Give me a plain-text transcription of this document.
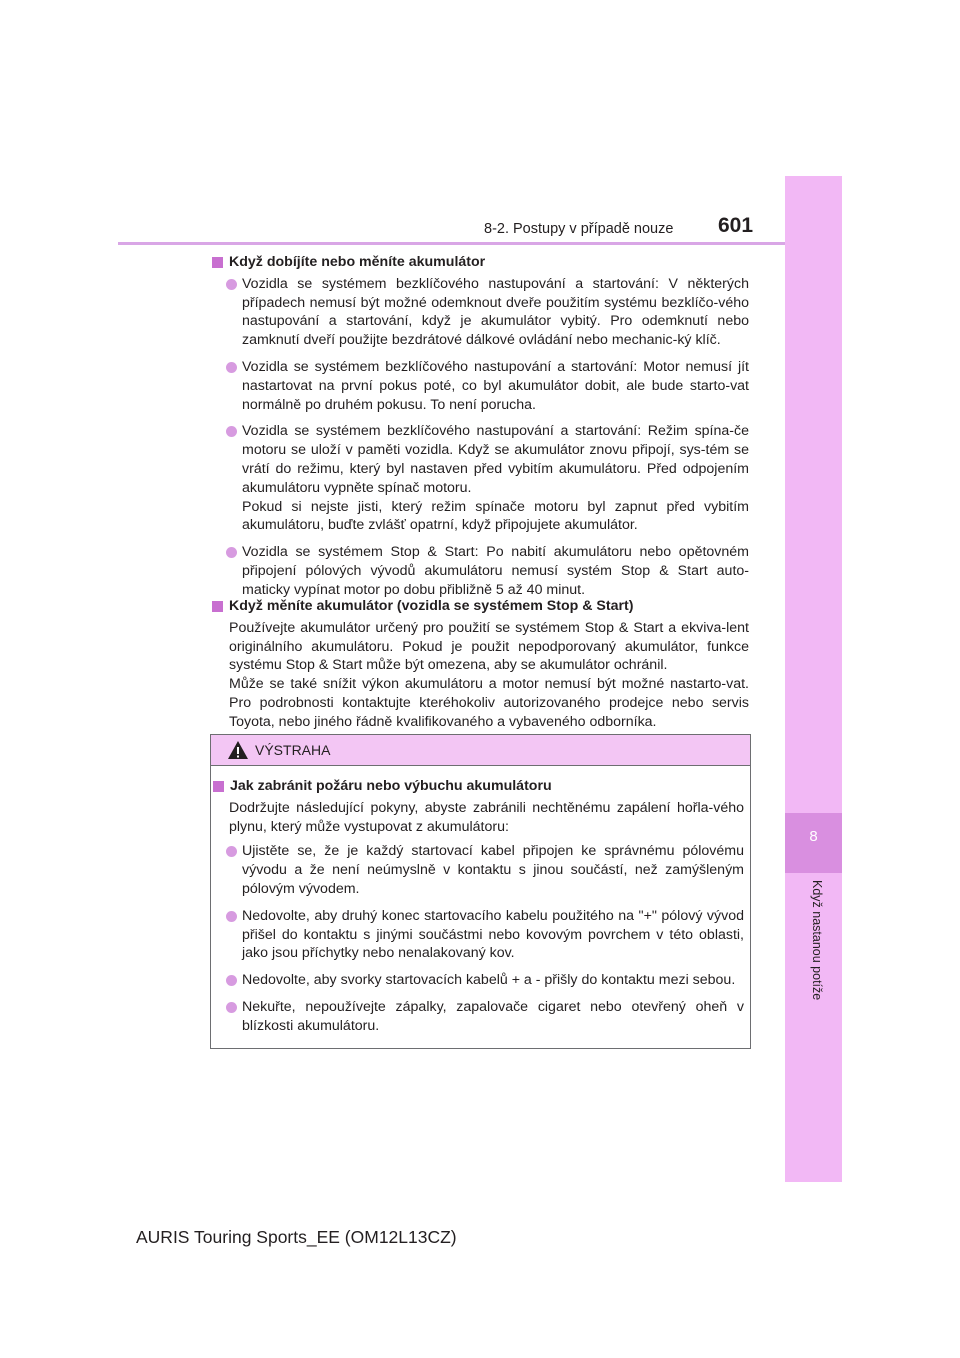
8-2. Postupy v případě nouze	601
8
Když nastanou potíže
Když dobíjíte nebo měníte akumulátor
Vozidla se systémem bezklíčového nastupování a startování: V některých případech nemusí být možné odemknout dveře použitím systému bezklíčo-vého nastupování a startování, když je akumulátor vybitý. Pro odemknutí nebo zamknutí dveří použijte bezdrátové dálkové ovládání nebo mechanic-ký klíč.
Vozidla se systémem bezklíčového nastupování a startování: Motor nemusí jít nastartovat na první pokus poté, co byl akumulátor dobit, ale bude starto-vat normálně po druhém pokusu. To není porucha.
Vozidla se systémem bezklíčového nastupování a startování: Režim spína-če motoru se uloží v paměti vozidla. Když se akumulátor znovu připojí, sys-tém se vrátí do režimu, který byl nastaven před vybitím akumulátoru. Před odpojením akumulátoru vypněte spínač motoru.
Pokud si nejste jisti, který režim spínače motoru byl zapnut před vybitím akumulátoru, buďte zvlášť opatrní, když připojujete akumulátor.
Vozidla se systémem Stop & Start: Po nabití akumulátoru nebo opětovném připojení pólových vývodů akumulátoru nemusí systém Stop & Start auto-maticky vypínat motor po dobu přibližně 5 až 40 minut.
Když měníte akumulátor (vozidla se systémem Stop & Start)
Používejte akumulátor určený pro použití se systémem Stop & Start a ekviva-lent originálního akumulátoru. Pokud je použit nepodporovaný akumulátor, funkce systému Stop & Start může být omezena, aby se akumulátor ochránil.
Může se také snížit výkon akumulátoru a motor nemusí být možné nastarto-vat. Pro podrobnosti kontaktujte kteréhokoliv autorizovaného prodejce nebo servis Toyota, nebo jiného řádně kvalifikovaného a vybaveného odborníka.
VÝSTRAHA
Jak zabránit požáru nebo výbuchu akumulátoru
Dodržujte následující pokyny, abyste zabránili nechtěnému zapálení hořla-vého plynu, který může vystupovat z akumulátoru:
Ujistěte se, že je každý startovací kabel připojen ke správnému pólovému vývodu a že není neúmyslně v kontaktu s jinou součástí, než zamýšleným pólovým vývodem.
Nedovolte, aby druhý konec startovacího kabelu použitého na "+" pólový vývod přišel do kontaktu s jinými součástmi nebo kovovým povrchem v této oblasti, jako jsou příchytky nebo nenalakovaný kov.
Nedovolte, aby svorky startovacích kabelů + a - přišly do kontaktu mezi sebou.
Nekuřte, nepoužívejte zápalky, zapalovače cigaret nebo otevřený oheň v blízkosti akumulátoru.
AURIS Touring Sports_EE (OM12L13CZ)
